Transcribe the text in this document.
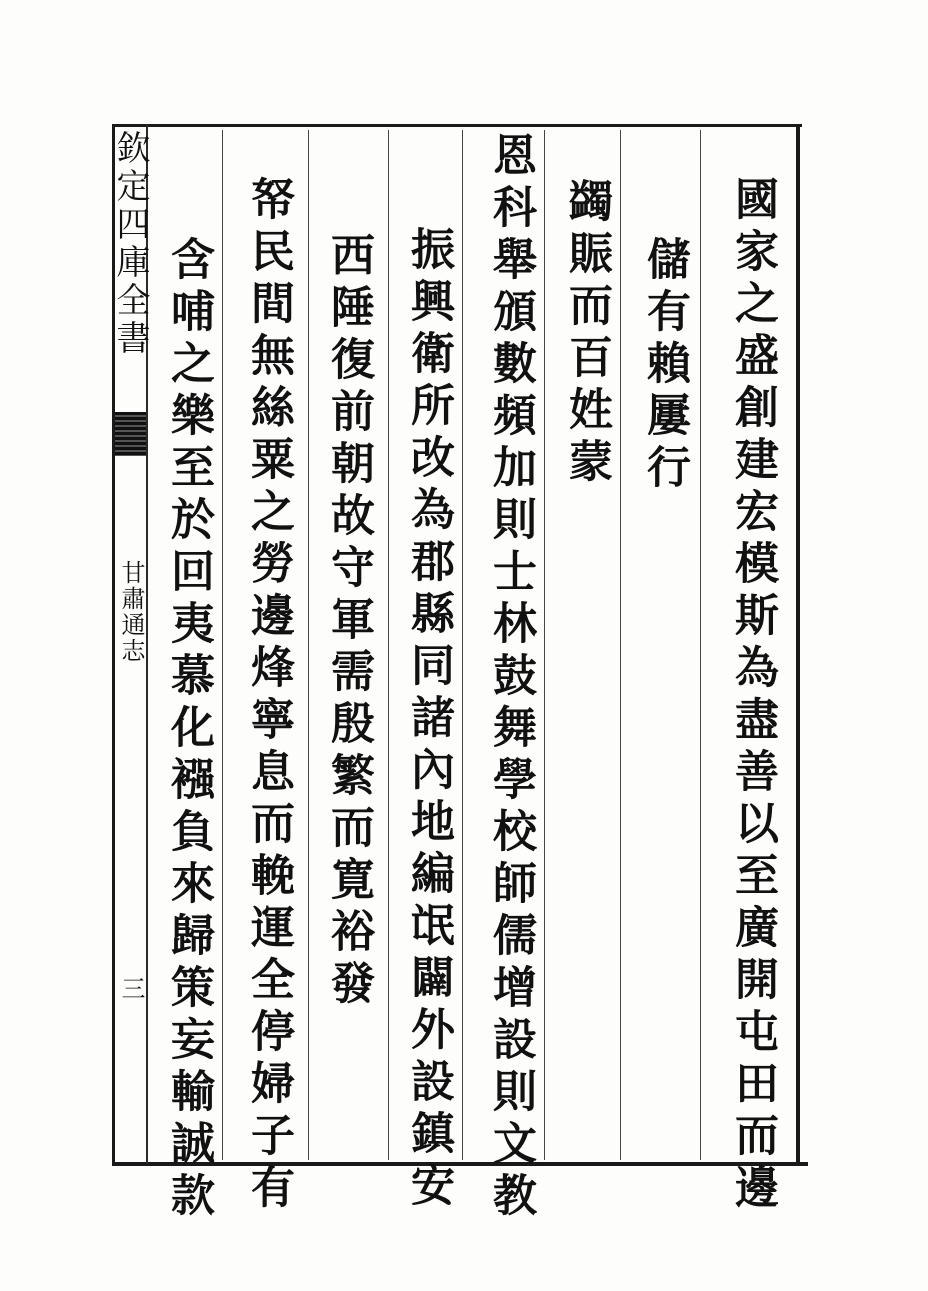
欽定四庫全書
甘肅通志
三	國家之盛創建宏模斯為盡善以至廣開屯田而邊
儲有賴屢行
蠲賑而百姓蒙
恩科舉頒數頻加則士林鼓舞學校師儒增設則文教
振興衛所改為郡縣同諸內地編氓闢外設鎮安
西陲復前朝故守軍需殷繁而寛裕發
帑民間無絲粟之勞邊烽寧息而輓運全停婦子有
含哺之樂至於回夷慕化襁負來歸策妄輸誠款
